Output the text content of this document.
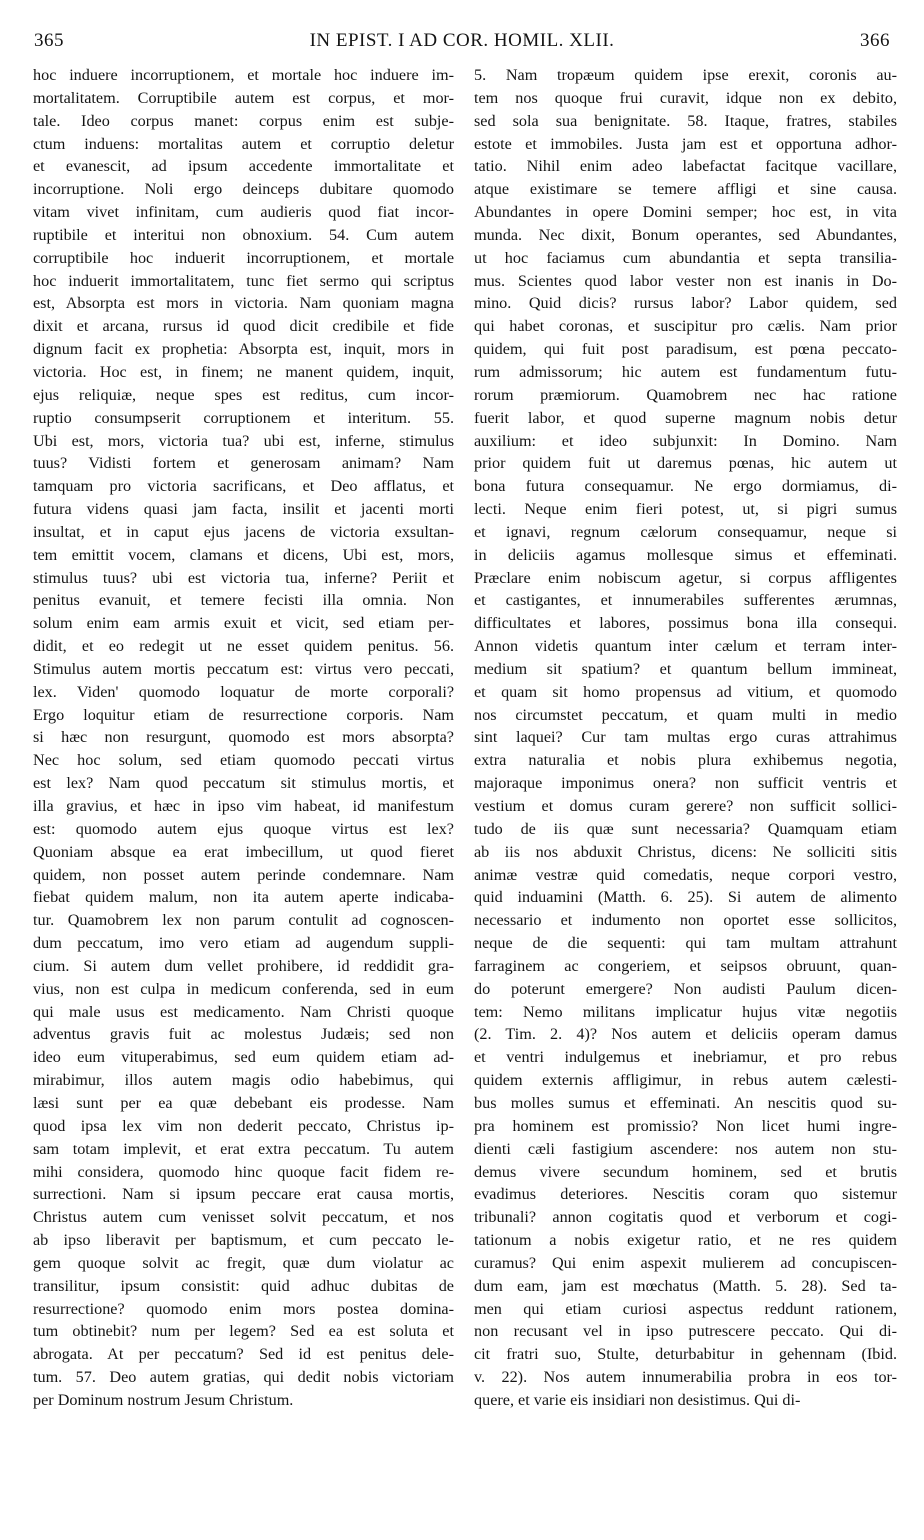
365	IN EPIST. I AD COR. HOMIL. XLII.	366
hoc induere incorruptionem, et mortale hoc induere im-
mortalitatem. Corruptibile autem est corpus, et mor-
tale. Ideo corpus manet: corpus enim est subje-
ctum induens: mortalitas autem et corruptio deletur
et evanescit, ad ipsum accedente immortalitate et
incorruptione. Noli ergo deinceps dubitare quomodo
vitam vivet infinitam, cum audieris quod fiat incor-
ruptibile et interitui non obnoxium. 54. Cum autem
corruptibile hoc induerit incorruptionem, et mortale
hoc induerit immortalitatem, tunc fiet sermo qui scriptus
est, Absorpta est mors in victoria. Nam quoniam magna
dixit et arcana, rursus id quod dicit credibile et fide
dignum facit ex prophetia: Absorpta est, inquit, mors in
victoria. Hoc est, in finem; ne manent quidem, inquit,
ejus reliquiæ, neque spes est reditus, cum incor-
ruptio consumpserit corruptionem et interitum. 55.
Ubi est, mors, victoria tua? ubi est, inferne, stimulus
tuus? Vidisti fortem et generosam animam? Nam
tamquam pro victoria sacrificans, et Deo afflatus, et
futura videns quasi jam facta, insilit et jacenti morti
insultat, et in caput ejus jacens de victoria exsultan-
tem emittit vocem, clamans et dicens, Ubi est, mors,
stimulus tuus? ubi est victoria tua, inferne? Periit et
penitus evanuit, et temere fecisti illa omnia. Non
solum enim eam armis exuit et vicit, sed etiam per-
didit, et eo redegit ut ne esset quidem penitus. 56.
Stimulus autem mortis peccatum est: virtus vero peccati,
lex. Viden' quomodo loquatur de morte corporali?
Ergo loquitur etiam de resurrectione corporis. Nam
si hæc non resurgunt, quomodo est mors absorpta?
Nec hoc solum, sed etiam quomodo peccati virtus
est lex? Nam quod peccatum sit stimulus mortis, et
illa gravius, et hæc in ipso vim habeat, id manifestum
est: quomodo autem ejus quoque virtus est lex?
Quoniam absque ea erat imbecillum, ut quod fieret
quidem, non posset autem perinde condemnare. Nam
fiebat quidem malum, non ita autem aperte indicaba-
tur. Quamobrem lex non parum contulit ad cognoscen-
dum peccatum, imo vero etiam ad augendum suppli-
cium. Si autem dum vellet prohibere, id reddidit gra-
vius, non est culpa in medicum conferenda, sed in eum
qui male usus est medicamento. Nam Christi quoque
adventus gravis fuit ac molestus Judæis; sed non
ideo eum vituperabimus, sed eum quidem etiam ad-
mirabimur, illos autem magis odio habebimus, qui
læsi sunt per ea quæ debebant eis prodesse. Nam
quod ipsa lex vim non dederit peccato, Christus ip-
sam totam implevit, et erat extra peccatum. Tu autem
mihi considera, quomodo hinc quoque facit fidem re-
surrectioni. Nam si ipsum peccare erat causa mortis,
Christus autem cum venisset solvit peccatum, et nos
ab ipso liberavit per baptismum, et cum peccato le-
gem quoque solvit ac fregit, quæ dum violatur ac
transilitur, ipsum consistit: quid adhuc dubitas de
resurrectione? quomodo enim mors postea domina-
tum obtinebit? num per legem? Sed ea est soluta et
abrogata. At per peccatum? Sed id est penitus dele-
tum. 57. Deo autem gratias, qui dedit nobis victoriam
per Dominum nostrum Jesum Christum.
5. Nam tropæum quidem ipse erexit, coronis au-
tem nos quoque frui curavit, idque non ex debito,
sed sola sua benignitate. 58. Itaque, fratres, stabiles
estote et immobiles. Justa jam est et opportuna adhor-
tatio. Nihil enim adeo labefactat facitque vacillare,
atque existimare se temere affligi et sine causa.
Abundantes in opere Domini semper; hoc est, in vita
munda. Nec dixit, Bonum operantes, sed Abundantes,
ut hoc faciamus cum abundantia et septa transilia-
mus. Scientes quod labor vester non est inanis in Do-
mino. Quid dicis? rursus labor? Labor quidem, sed
qui habet coronas, et suscipitur pro cælis. Nam prior
quidem, qui fuit post paradisum, est pœna peccato-
rum admissorum; hic autem est fundamentum futu-
rorum præmiorum. Quamobrem nec hac ratione
fuerit labor, et quod superne magnum nobis detur
auxilium: et ideo subjunxit: In Domino. Nam
prior quidem fuit ut daremus pœnas, hic autem ut
bona futura consequamur. Ne ergo dormiamus, di-
lecti. Neque enim fieri potest, ut, si pigri sumus
et ignavi, regnum cælorum consequamur, neque si
in deliciis agamus mollesque simus et effeminati.
Præclare enim nobiscum agetur, si corpus affligentes
et castigantes, et innumerabiles sufferentes ærumnas,
difficultates et labores, possimus bona illa consequi.
Annon videtis quantum inter cælum et terram inter-
medium sit spatium? et quantum bellum immineat,
et quam sit homo propensus ad vitium, et quomodo
nos circumstet peccatum, et quam multi in medio
sint laquei? Cur tam multas ergo curas attrahimus
extra naturalia et nobis plura exhibemus negotia,
majoraque imponimus onera? non sufficit ventris et
vestium et domus curam gerere? non sufficit sollici-
tudo de iis quæ sunt necessaria? Quamquam etiam
ab iis nos abduxit Christus, dicens: Ne solliciti sitis
animæ vestræ quid comedatis, neque corpori vestro,
quid induamini (Matth. 6. 25). Si autem de alimento
necessario et indumento non oportet esse sollicitos,
neque de die sequenti: qui tam multam attrahunt
farraginem ac congeriem, et seipsos obruunt, quan-
do poterunt emergere? Non audisti Paulum dicen-
tem: Nemo militans implicatur hujus vitæ negotiis
(2. Tim. 2. 4)? Nos autem et deliciis operam damus
et ventri indulgemus et inebriamur, et pro rebus
quidem externis affligimur, in rebus autem cælesti-
bus molles sumus et effeminati. An nescitis quod su-
pra hominem est promissio? Non licet humi ingre-
dienti cæli fastigium ascendere: nos autem non stu-
demus vivere secundum hominem, sed et brutis
evadimus deteriores. Nescitis coram quo sistemur
tribunali? annon cogitatis quod et verborum et cogi-
tationum a nobis exigetur ratio, et ne res quidem
curamus? Qui enim aspexit mulierem ad concupiscen-
dum eam, jam est mœchatus (Matth. 5. 28). Sed ta-
men qui etiam curiosi aspectus reddunt rationem,
non recusant vel in ipso putrescere peccato. Qui di-
cit fratri suo, Stulte, deturbabitur in gehennam (Ibid.
v. 22). Nos autem innumerabilia probra in eos tor-
quere, et varie eis insidiari non desistimus. Qui di-
